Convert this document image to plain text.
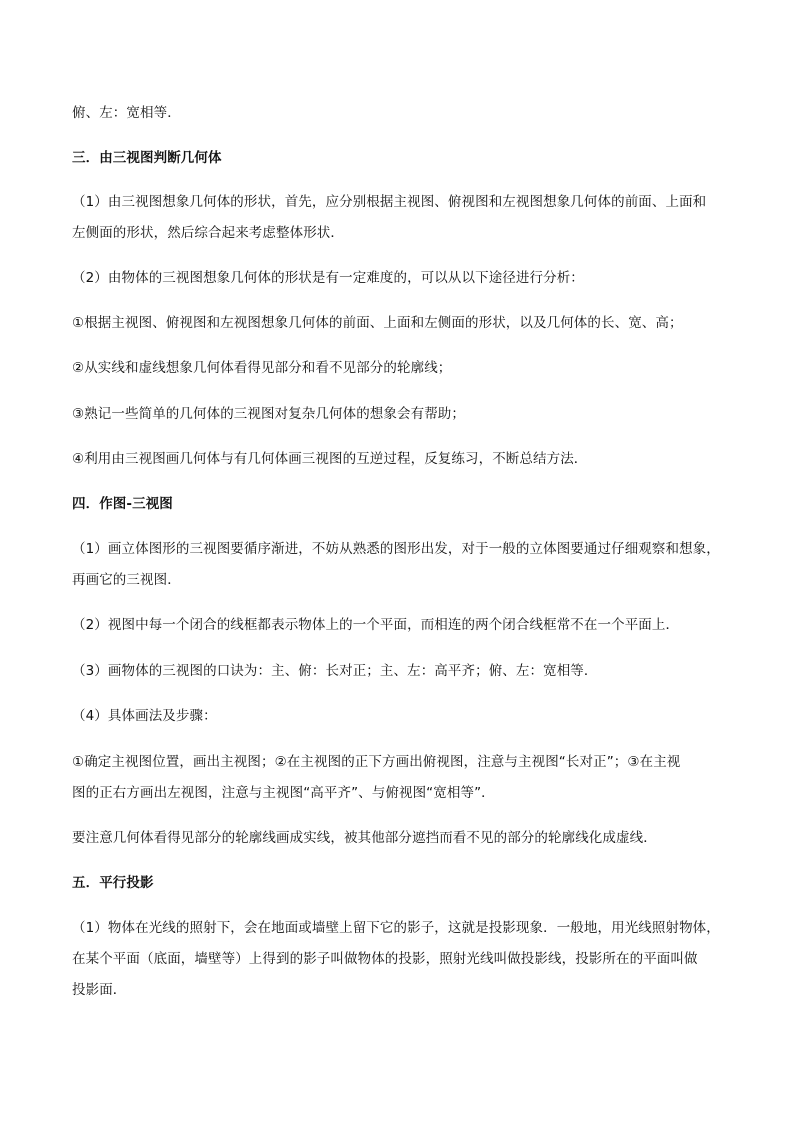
俯、左：宽相等．
三．由三视图判断几何体
（1）由三视图想象几何体的形状，首先，应分别根据主视图、俯视图和左视图想象几何体的前面、上面和
左侧面的形状，然后综合起来考虑整体形状．
（2）由物体的三视图想象几何体的形状是有一定难度的，可以从以下途径进行分析：
①根据主视图、俯视图和左视图想象几何体的前面、上面和左侧面的形状，以及几何体的长、宽、高；
②从实线和虚线想象几何体看得见部分和看不见部分的轮廓线；
③熟记一些简单的几何体的三视图对复杂几何体的想象会有帮助；
④利用由三视图画几何体与有几何体画三视图的互逆过程，反复练习，不断总结方法．
四．作图-三视图
（1）画立体图形的三视图要循序渐进，不妨从熟悉的图形出发，对于一般的立体图要通过仔细观察和想象，
再画它的三视图．
（2）视图中每一个闭合的线框都表示物体上的一个平面，而相连的两个闭合线框常不在一个平面上．
（3）画物体的三视图的口诀为：主、俯：长对正；主、左：高平齐；俯、左：宽相等．
（4）具体画法及步骤：
①确定主视图位置，画出主视图；②在主视图的正下方画出俯视图，注意与主视图“长对正”；③在主视
图的正右方画出左视图，注意与主视图“高平齐”、与俯视图“宽相等”．
要注意几何体看得见部分的轮廓线画成实线，被其他部分遮挡而看不见的部分的轮廓线化成虚线．
五．平行投影
（1）物体在光线的照射下，会在地面或墙壁上留下它的影子，这就是投影现象．一般地，用光线照射物体，
在某个平面（底面，墙壁等）上得到的影子叫做物体的投影，照射光线叫做投影线，投影所在的平面叫做
投影面．
